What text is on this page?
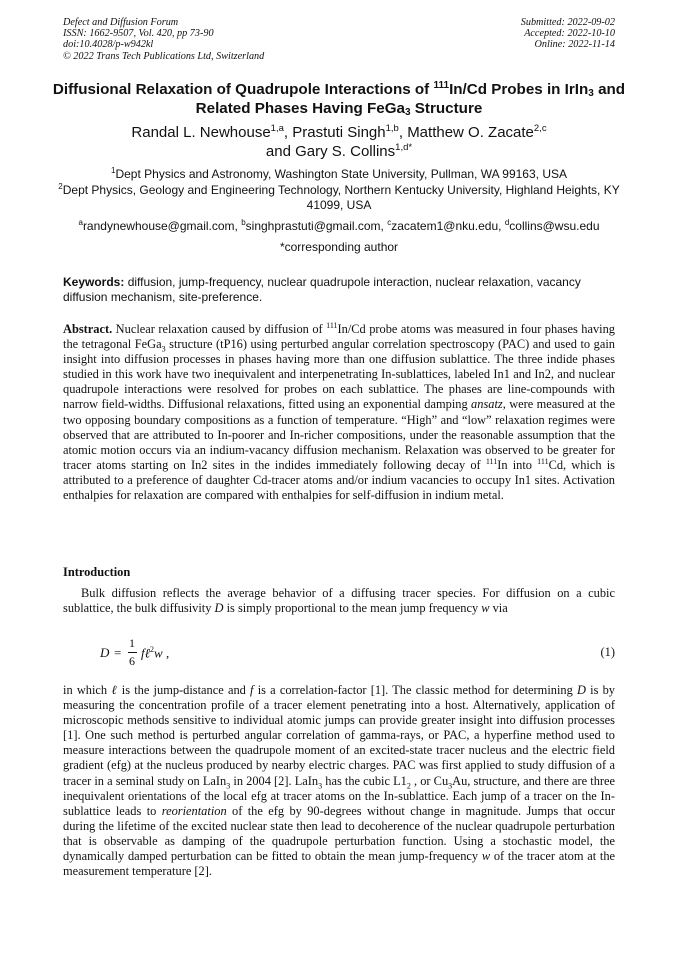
Defect and Diffusion Forum
ISSN: 1662-9507, Vol. 420, pp 73-90
doi:10.4028/p-w942kl
© 2022 Trans Tech Publications Ltd, Switzerland
Submitted: 2022-09-02
Accepted: 2022-10-10
Online: 2022-11-14
Diffusional Relaxation of Quadrupole Interactions of $^{111}$In/Cd Probes in IrIn$_3$ and Related Phases Having FeGa$_3$ Structure
Randal L. Newhouse$^{1,a}$, Prastuti Singh$^{1,b}$, Matthew O. Zacate$^{2,c}$
and Gary S. Collins$^{1,d*}$
$^1$Dept Physics and Astronomy, Washington State University, Pullman, WA 99163, USA
$^2$Dept Physics, Geology and Engineering Technology, Northern Kentucky University, Highland Heights, KY 41099, USA
$^a$randynewhouse@gmail.com, $^b$singhprastuti@gmail.com, $^c$zacatem1@nku.edu, $^d$collins@wsu.edu
*corresponding author
Keywords: diffusion, jump-frequency, nuclear quadrupole interaction, nuclear relaxation, vacancy diffusion mechanism, site-preference.
Abstract. Nuclear relaxation caused by diffusion of $^{111}$In/Cd probe atoms was measured in four phases having the tetragonal FeGa$_3$ structure (tP16) using perturbed angular correlation spectroscopy (PAC) and used to gain insight into diffusion processes in phases having more than one diffusion sublattice. The three indide phases studied in this work have two inequivalent and interpenetrating In-sublattices, labeled In1 and In2, and nuclear quadrupole interactions were resolved for probes on each sublattice. The phases are line-compounds with narrow field-widths. Diffusional relaxations, fitted using an exponential damping ansatz, were measured at the two opposing boundary compositions as a function of temperature. “High” and “low” relaxation regimes were observed that are attributed to In-poorer and In-richer compositions, under the reasonable assumption that the atomic motion occurs via an indium-vacancy diffusion mechanism. Relaxation was observed to be greater for tracer atoms starting on In2 sites in the indides immediately following decay of $^{111}$In into $^{111}$Cd, which is attributed to a preference of daughter Cd-tracer atoms and/or indium vacancies to occupy In1 sites. Activation enthalpies for relaxation are compared with enthalpies for self-diffusion in indium metal.
Introduction
Bulk diffusion reflects the average behavior of a diffusing tracer species. For diffusion on a cubic sublattice, the bulk diffusivity D is simply proportional to the mean jump frequency w via
D =
1
6
fℓ$^2$w ,	(1)
in which ℓ is the jump-distance and f is a correlation-factor [1]. The classic method for determining D is by measuring the concentration profile of a tracer element penetrating into a host. Alternatively, application of microscopic methods sensitive to individual atomic jumps can provide greater insight into diffusion processes [1]. One such method is perturbed angular correlation of gamma-rays, or PAC, a hyperfine method used to measure interactions between the quadrupole moment of an excited-state tracer nucleus and the electric field gradient (efg) at the nucleus produced by nearby electric charges. PAC was first applied to study diffusion of a tracer in a seminal study on LaIn$_3$ in 2004 [2]. LaIn$_3$ has the cubic $L1_2$ , or $Cu_3Au$, structure, and there are three inequivalent orientations of the local efg at tracer atoms on the In-sublattice. Each jump of a tracer on the In-sublattice leads to reorientation of the efg by 90-degrees without change in magnitude. Jumps that occur during the lifetime of the excited nuclear state then lead to decoherence of the nuclear quadrupole perturbation that is observable as damping of the quadrupole perturbation function. Using a stochastic model, the dynamically damped perturbation can be fitted to obtain the mean jump-frequency w of the tracer atom at the measurement temperature [2].
